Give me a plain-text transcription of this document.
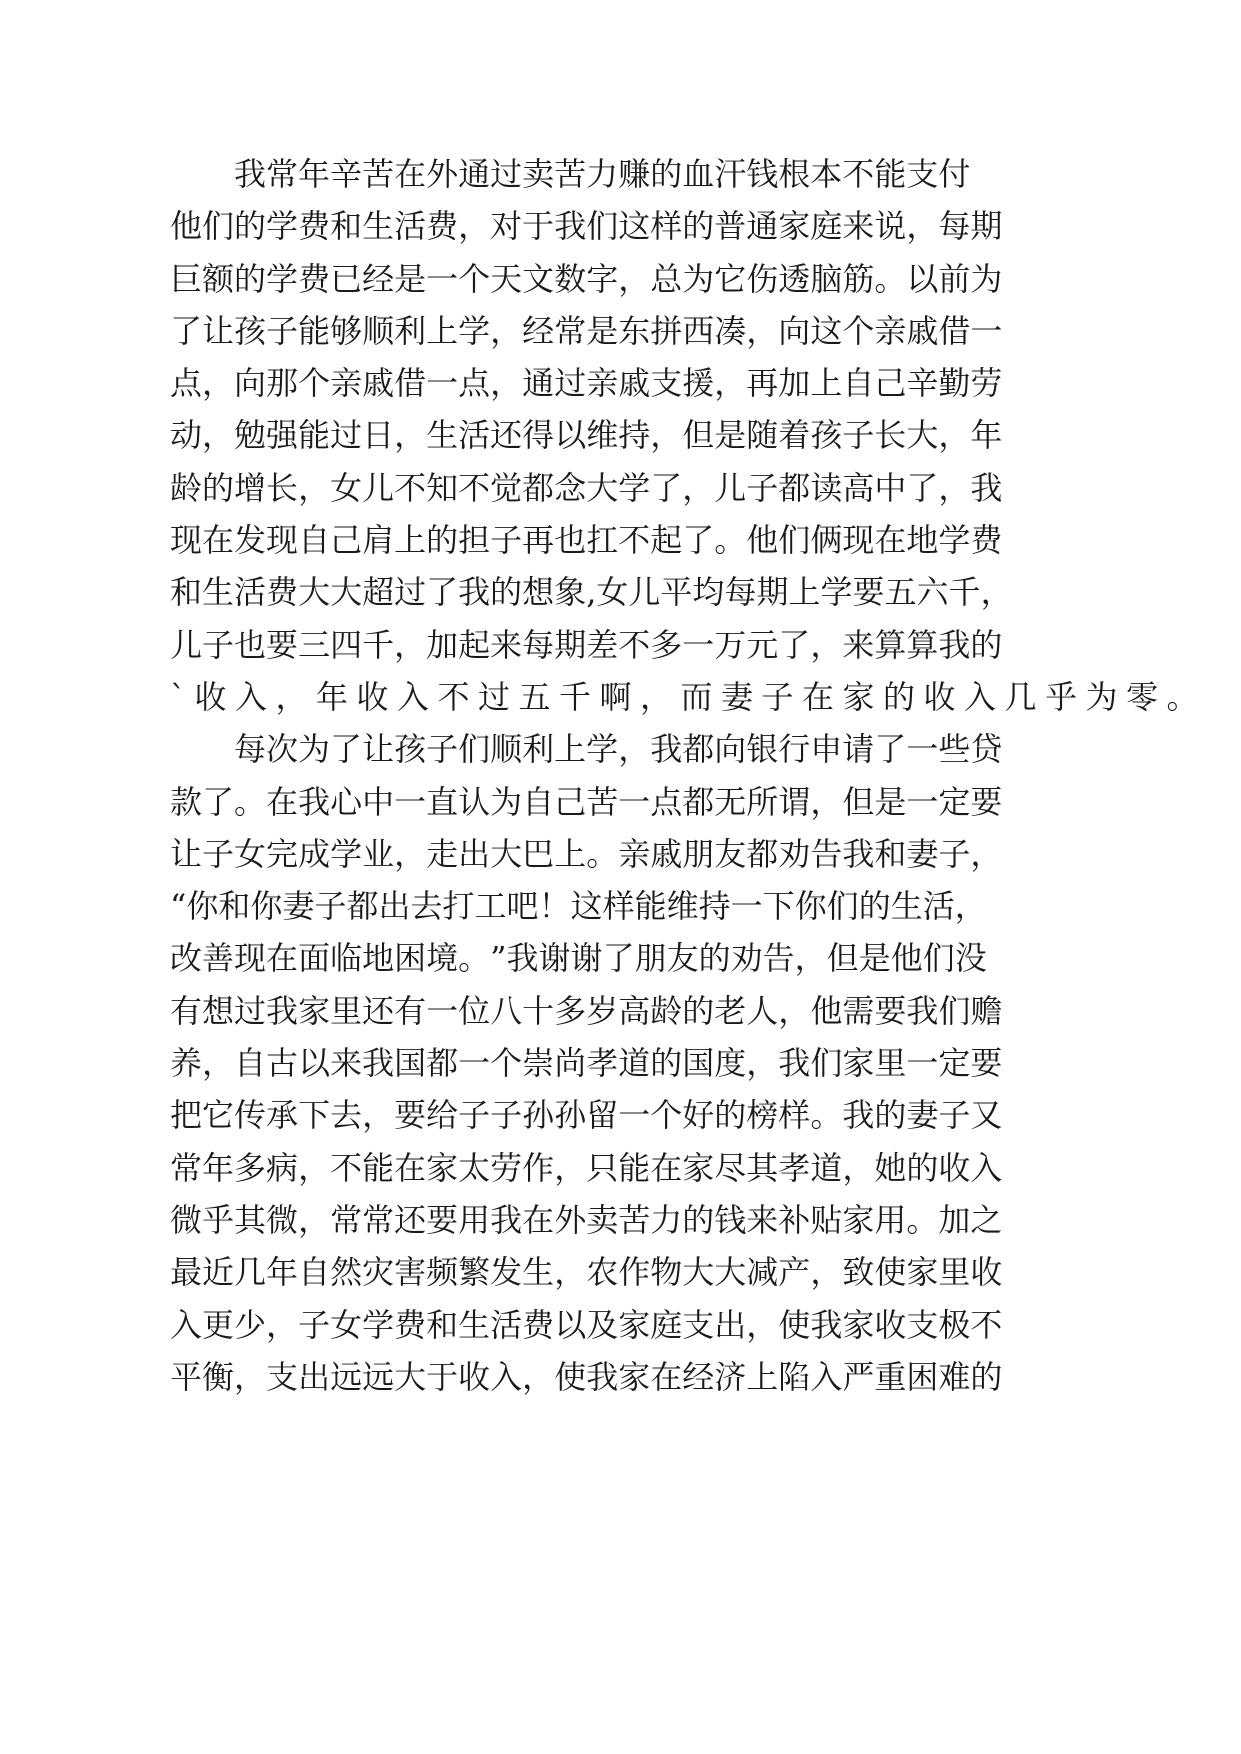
我 常 年 辛 苦 在 外 通 过 卖 苦 力 赚 的 血 汗 钱 根 本 不 能 支 付
他 们 的 学 费 和 生 活 费 ， 对 于 我 们 这 样 的 普 通 家 庭 来 说 ， 每 期
巨 额 的 学 费 已 经 是 一 个 天 文 数 字 ， 总 为 它 伤 透 脑 筋 。 以 前 为
了 让 孩 子 能 够 顺 利 上 学 ， 经 常 是 东 拼 西 凑 ， 向 这 个 亲 戚 借 一
点 ， 向 那 个 亲 戚 借 一 点 ， 通 过 亲 戚 支 援 ， 再 加 上 自 己 辛 勤 劳
动 ， 勉 强 能 过 日 ， 生 活 还 得 以 维 持 ， 但 是 随 着 孩 子 长 大 ， 年
龄 的 增 长 ， 女 儿 不 知 不 觉 都 念 大 学 了 ， 儿 子 都 读 高 中 了 ， 我
现 在 发 现 自 己 肩 上 的 担 子 再 也 扛 不 起 了 。 他 们 俩 现 在 地 学 费
和 生 活 费 大 大 超 过 了 我 的 想 象 , 女 儿 平 均 每 期 上 学 要 五 六 千 ，
儿 子 也 要 三 四 千 ， 加 起 来 每 期 差 不 多 一 万 元 了 ， 来 算 算 我 的
`收入，年收入不过五千啊，而妻子在家的收入几乎为零。
每 次 为 了 让 孩 子 们 顺 利 上 学 ， 我 都 向 银 行 申 请 了 一 些 贷
款 了 。 在 我 心 中 一 直 认 为 自 己 苦 一 点 都 无 所 谓 ， 但 是 一 定 要
让 子 女 完 成 学 业 ， 走 出 大 巴 上 。 亲 戚 朋 友 都 劝 告 我 和 妻 子 ，
“ 你 和 你 妻 子 都 出 去 打 工 吧 ！ 这 样 能 维 持 一 下 你 们 的 生 活 ，
改 善 现 在 面 临 地 困 境 。 ” 我 谢 谢 了 朋 友 的 劝 告 ， 但 是 他 们 没
有 想 过 我 家 里 还 有 一 位 八 十 多 岁 高 龄 的 老 人 ， 他 需 要 我 们 赡
养 ， 自 古 以 来 我 国 都 一 个 崇 尚 孝 道 的 国 度 ， 我 们 家 里 一 定 要
把 它 传 承 下 去 ， 要 给 子 子 孙 孙 留 一 个 好 的 榜 样 。 我 的 妻 子 又
常 年 多 病 ， 不 能 在 家 太 劳 作 ， 只 能 在 家 尽 其 孝 道 ， 她 的 收 入
微 乎 其 微 ， 常 常 还 要 用 我 在 外 卖 苦 力 的 钱 来 补 贴 家 用 。 加 之
最 近 几 年 自 然 灾 害 频 繁 发 生 ， 农 作 物 大 大 减 产 ， 致 使 家 里 收
入 更 少 ， 子 女 学 费 和 生 活 费 以 及 家 庭 支 出 ， 使 我 家 收 支 极 不
平 衡 ， 支 出 远 远 大 于 收 入 ， 使 我 家 在 经 济 上 陷 入 严 重 困 难 的
